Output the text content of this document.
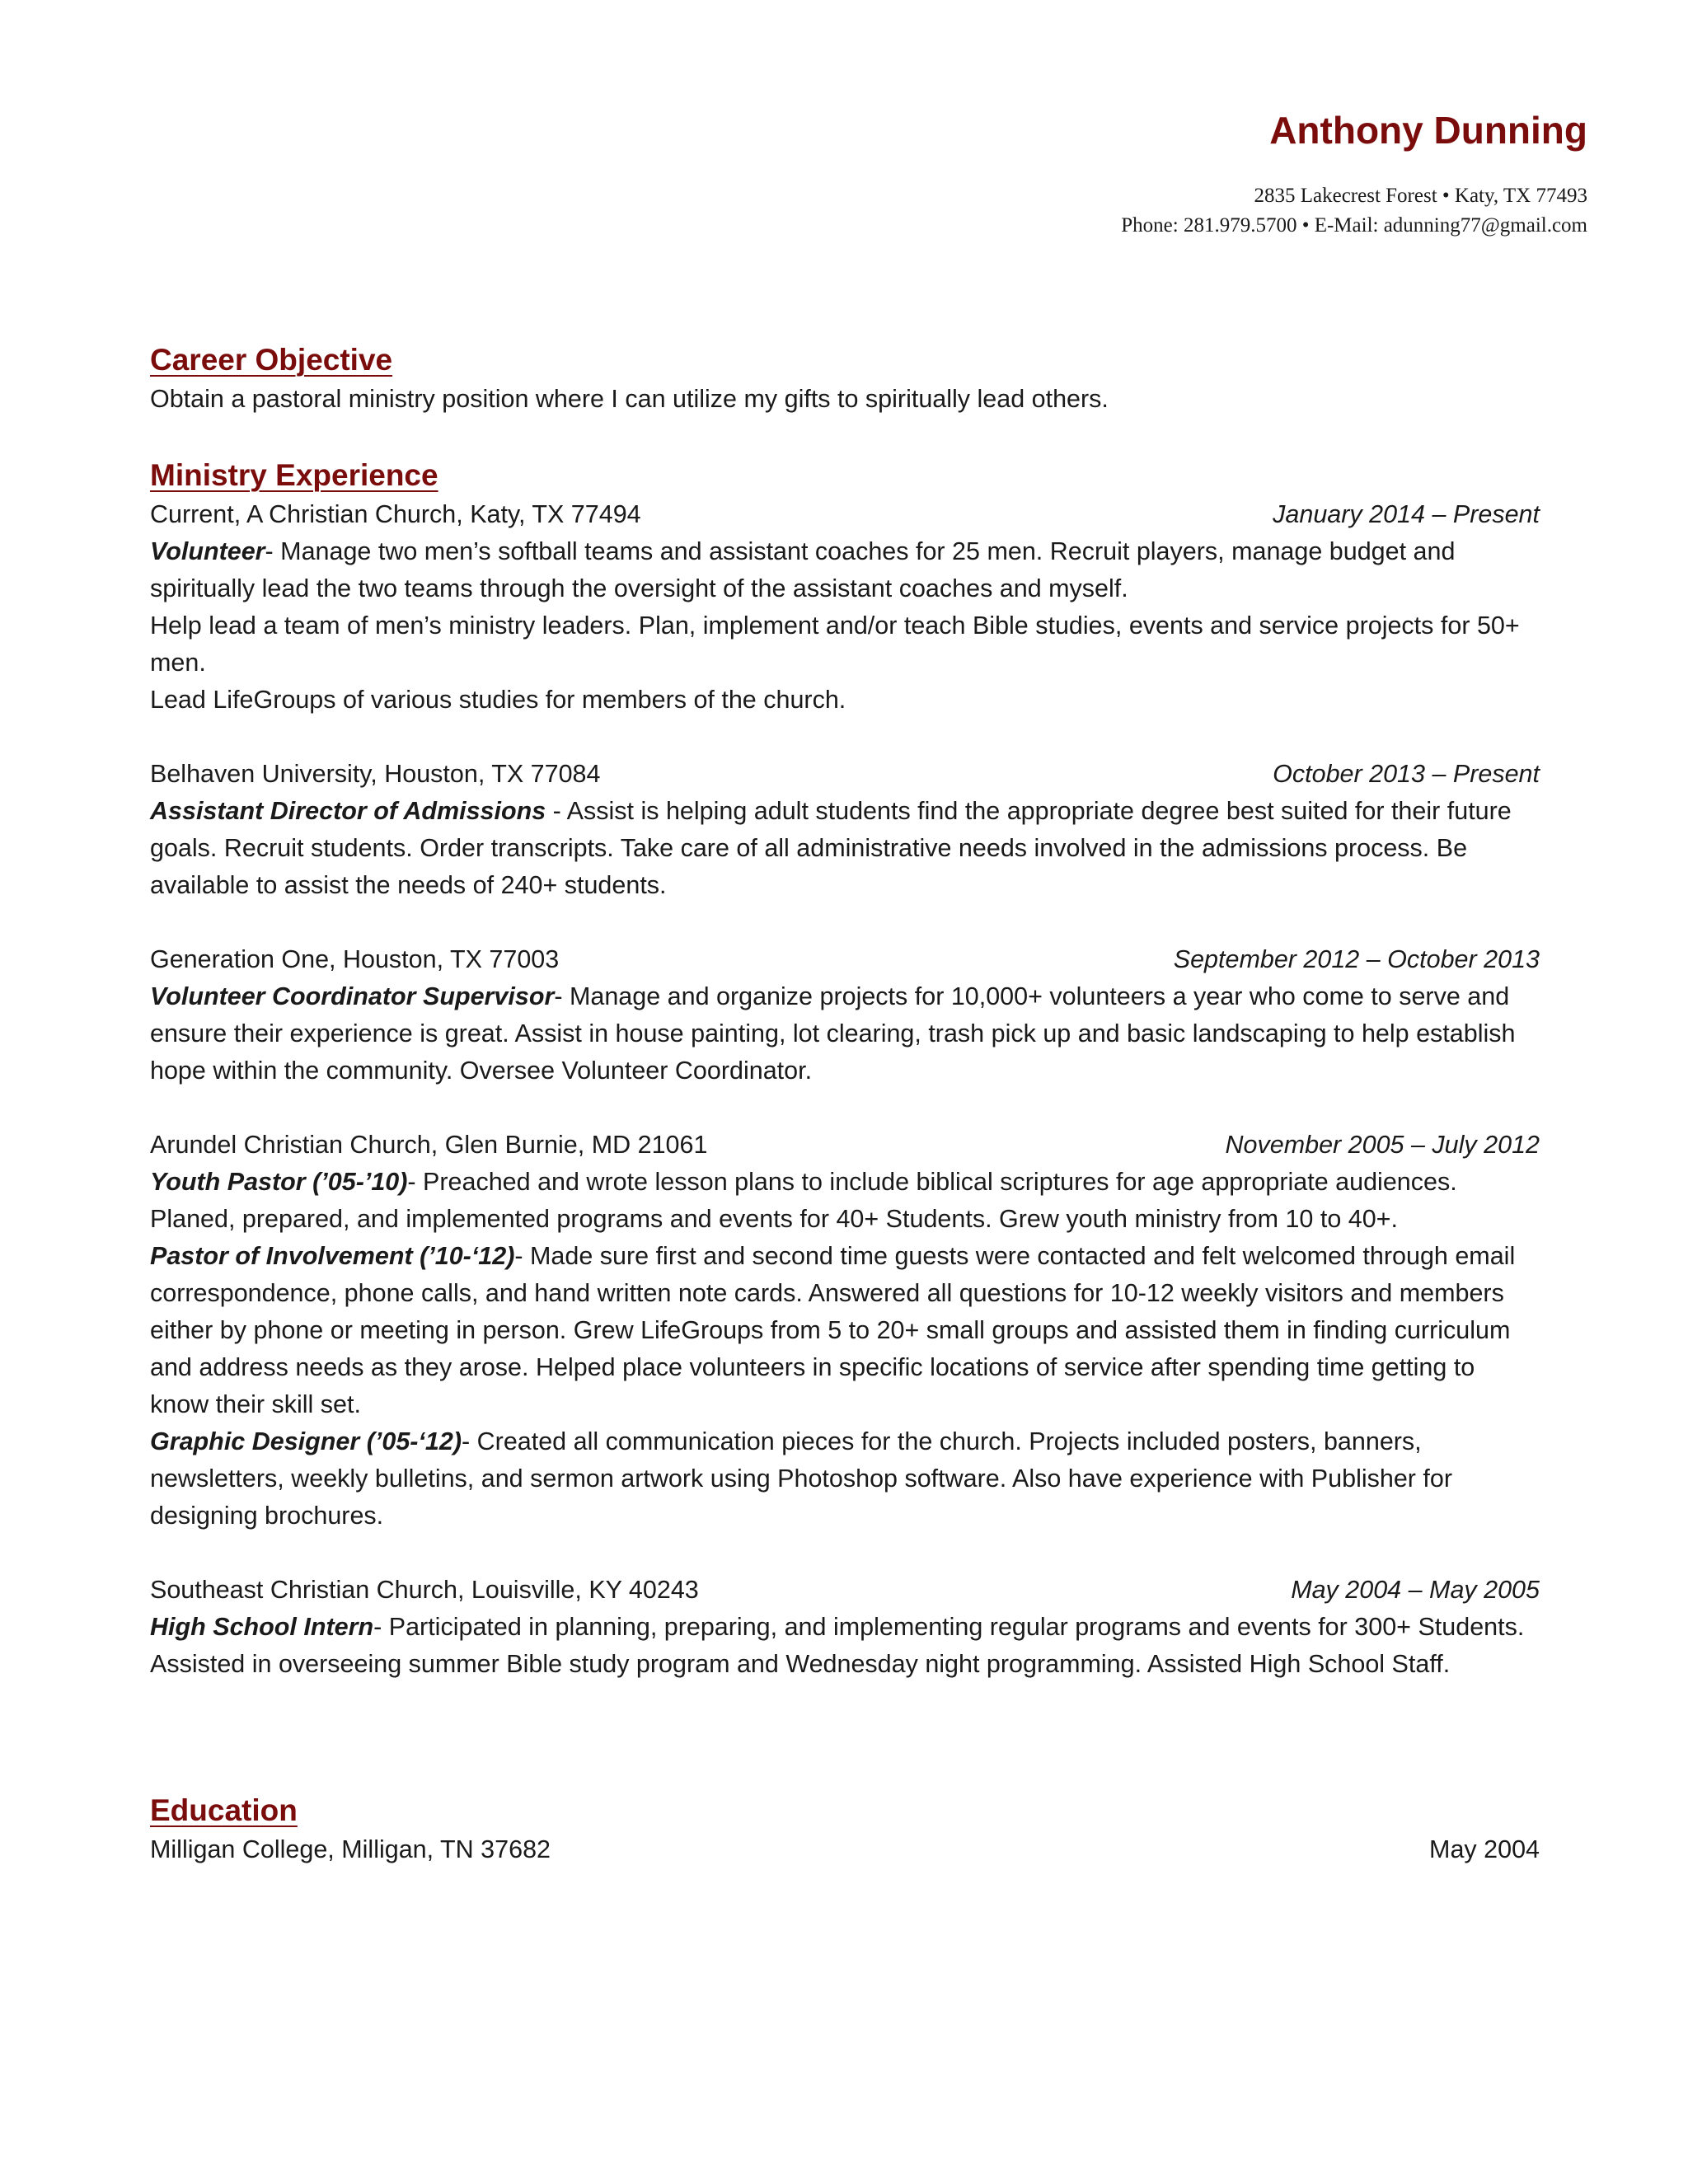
Anthony Dunning
2835 Lakecrest Forest • Katy, TX 77493
Phone: 281.979.5700 • E-Mail: adunning77@gmail.com
Career Objective
Obtain a pastoral ministry position where I can utilize my gifts to spiritually lead others.
Ministry Experience
Current, A Christian Church, Katy, TX 77494	January 2014 – Present
Volunteer- Manage two men’s softball teams and assistant coaches for 25 men. Recruit players, manage budget and spiritually lead the two teams through the oversight of the assistant coaches and myself.
Help lead a team of men’s ministry leaders. Plan, implement and/or teach Bible studies, events and service projects for 50+ men.
Lead LifeGroups of various studies for members of the church.
Belhaven University, Houston, TX 77084	October 2013 – Present
Assistant Director of Admissions - Assist is helping adult students find the appropriate degree best suited for their future goals. Recruit students. Order transcripts. Take care of all administrative needs involved in the admissions process. Be available to assist the needs of 240+ students.
Generation One, Houston, TX 77003	September 2012 – October 2013
Volunteer Coordinator Supervisor- Manage and organize projects for 10,000+ volunteers a year who come to serve and ensure their experience is great. Assist in house painting, lot clearing, trash pick up and basic landscaping to help establish hope within the community. Oversee Volunteer Coordinator.
Arundel Christian Church, Glen Burnie, MD 21061	November 2005 – July 2012
Youth Pastor (’05-’10)- Preached and wrote lesson plans to include biblical scriptures for age appropriate audiences. Planed, prepared, and implemented programs and events for 40+ Students. Grew youth ministry from 10 to 40+.
Pastor of Involvement (’10-‘12)- Made sure first and second time guests were contacted and felt welcomed through email correspondence, phone calls, and hand written note cards. Answered all questions for 10-12 weekly visitors and members either by phone or meeting in person. Grew LifeGroups from 5 to 20+ small groups and assisted them in finding curriculum and address needs as they arose. Helped place volunteers in specific locations of service after spending time getting to know their skill set.
Graphic Designer (’05-‘12)- Created all communication pieces for the church. Projects included posters, banners, newsletters, weekly bulletins, and sermon artwork using Photoshop software. Also have experience with Publisher for designing brochures.
Southeast Christian Church, Louisville, KY 40243	May 2004 – May 2005
High School Intern- Participated in planning, preparing, and implementing regular programs and events for 300+ Students. Assisted in overseeing summer Bible study program and Wednesday night programming. Assisted High School Staff.
Education
Milligan College, Milligan, TN 37682	May 2004
